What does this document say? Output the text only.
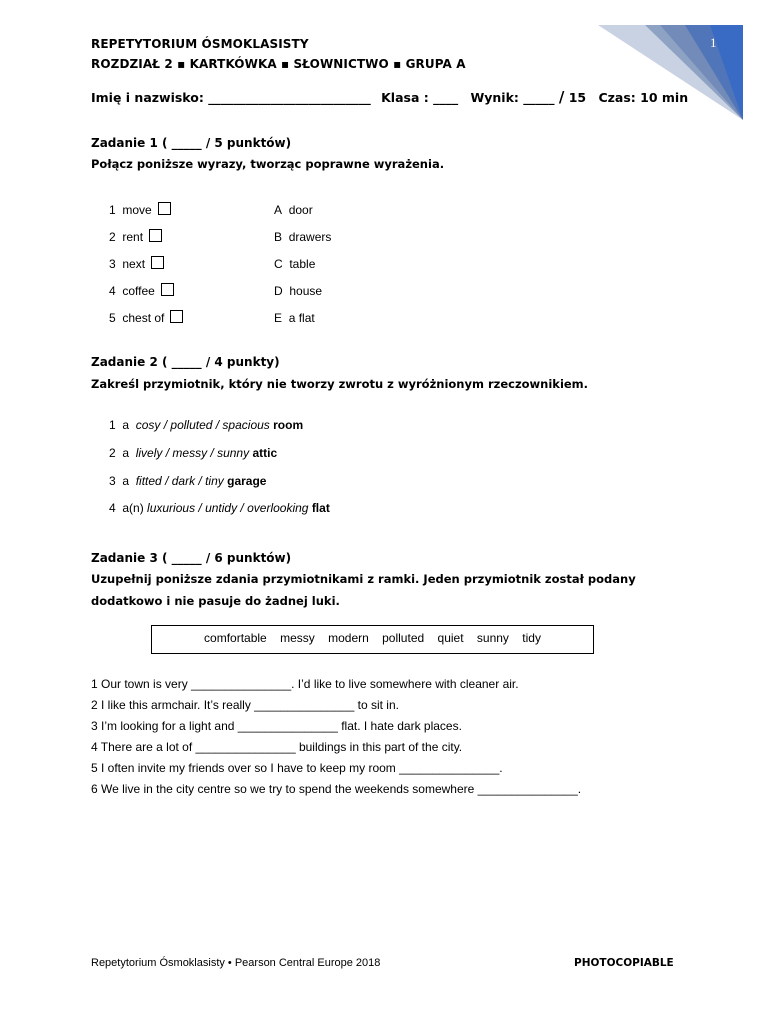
1
REPETYTORIUM ÓSMOKLASISTY
ROZDZIAŁ 2 ▪ KARTKÓWKA ▪ SŁOWNICTWO ▪ GRUPA A
Imię i nazwisko: __________________________ Klasa : ____ Wynik: _____ / 15 Czas: 10 min
Zadanie 1 ( _____ / 5 punktów)
Połącz poniższe wyrazy, tworząc poprawne wyrażenia.
1 move
2 rent
3 next
4 coffee
5 chest of
A door
B drawers
C table
D house
E a flat
Zadanie 2 ( _____ / 4 punkty)
Zakreśl przymiotnik, który nie tworzy zwrotu z wyróżnionym rzeczownikiem.
1 a cosy / polluted / spacious room
2 a lively / messy / sunny attic
3 a fitted / dark / tiny garage
4 a(n) luxurious / untidy / overlooking flat
Zadanie 3 ( _____ / 6 punktów)
Uzupełnij poniższe zdania przymiotnikami z ramki. Jeden przymiotnik został podany
dodatkowo i nie pasuje do żadnej luki.
comfortable messy modern polluted quiet sunny tidy
1 Our town is very _______________. I’d like to live somewhere with cleaner air.
2 I like this armchair. It’s really _______________ to sit in.
3 I’m looking for a light and _______________ flat. I hate dark places.
4 There are a lot of _______________ buildings in this part of the city.
5 I often invite my friends over so I have to keep my room _______________.
6 We live in the city centre so we try to spend the weekends somewhere _______________.
Repetytorium Ósmoklasisty • Pearson Central Europe 2018	PHOTOCOPIABLE
